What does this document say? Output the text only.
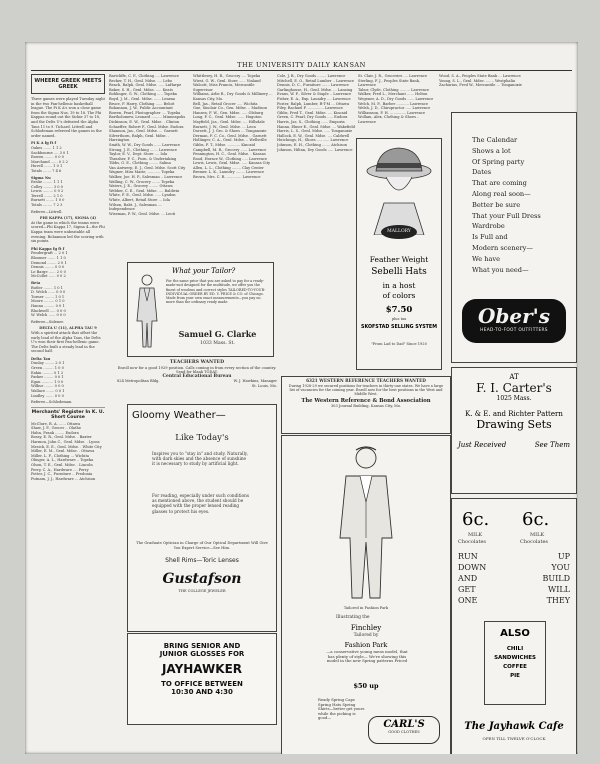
THE UNIVERSITY DAILY KANSAN
WHEERE GREEK MEETS GREEK
Three games were played Tuesday night in the two Pan-hellenic basketball league. The Pi K A's won a close game from the Sigma Nus, 19 to 18. The Phi Kappas round out the Sickie 37 to 18, and the Delts U's defeated the Alpha Taus 11 to 9. Tichard, Littrell and Schlodeman refereed the games in the order named.
Pi K A fg ft f
Oakes ....... 1 1 2
Sackbourne .... 3 0 1
Rowen ........ 0 0 0
Marchand ...... 0 2 2
Huvell ....... 1 0 1
Totals ....... 7 4 6
Sigma Nu
Reslie ........ 1 1 1
Colley ........ 3 0 0
Lewis ......... 0 0 2
Terrell ....... 2 1 0
Burnett ....... 1 0 0
Totals ........ 7 2 3
Referee—Littrell.
PHI KAPPA (17), SIGMA (4)
At the game in which the teams were scored—Phi Kappa 17, Sigma 4—the Phi Kappa team were unbeatable all evening. Bohannon led the scoring with six points.
Phi Kappa fg ft f
Pendergraft ... 2 0 1
Bloomer ....... 1 1 0
Demond ........ 2 0 1
Dennis ........ 0 0 0
Le Barge ...... 2 0 0
McCollet ...... 0 0 2
Beta
Butler ........ 1 0 1
D. Welch ...... 0 0 0
Turner ........ 1 0 1
Moore ......... 0 1 0
Hanna ......... 0 0 1
Blackwell ..... 0 0 0
W. Welch ...... 0 0 0
Referee—Sidener.
DELTA U (11), ALPHA TAU 9
With a spirited attack that offset the early lead of the Alpha Taus, the Delts U's won their first Pan-hellenic game. The Delts built a steady lead in the second half.
Delta Tau
Dunlay ........ 2 0 1
Green ......... 1 0 0
Eakin ......... 0 1 2
Parker ........ 0 0 1
Egan .......... 1 0 0
Wilbur ........ 0 0 0
Wallace ....... 0 0 1
Lindley ....... 0 0 0
Referee—Schlodeman.
Merchants' Register In K. U. Short Course
McClure, R. A. ...... Ottawa
Shaw, J. F., Grocer .. Olathe
Hahn, Frank ........ Eudora
Bossy, E. R., Genl. Mdse. . Baxter
Harmon, John C., Genl. Mdse. . Lyons
Mesick, E. E., Genl. Mdse. . White City
Miller, E. M., Genl. Mdse. . Ottawa
Miller, L. F., Clothing ... Wichita
Olinger, A. L., Hardware .. Topeka
Olson, T. E., Genl. Mdse. . Lincoln
Perry, C. A., Hardware .... Perry
Potter, J. C., Furniture .. Fredonia
Putnam, J. J., Hardware ... Atchison
Bartcliffe, C. F., Clothing .... Lawrence
Becker, T. H., Genl. Mdse. .... Lebo
Beach, Ralph, Genl. Mdse. ..... LaHarpe
Baker, S. H., Genl. Mdse. ..... Keats
Bohlinger, G. W., Clothing ..... Topeka
Boyd, J. M., Genl. Mdse. ...... Lenexa
Bruce, F. Harry, Clothing ...... Beloit
Bohannon, J. W., Public Accountant
Bowen, Pearl, Photographer .... Topeka
Bartholomew, Leonard ......... Minneapolis
Dickinson, E. W., Genl. Mdse. . Clinton
Schaeffer, Robert F., Genl. Mdse. Eudora
Shannon, Jas., Genl. Mdse. ... Garnett
Silverthorn, Ralph, Genl. Mdse. . Harrington
Smith, W. W., Dry Goods ...... Lawrence
Strong, J. E., Clothing ....... Lawrence
Taylor, E. V., Dept. Store .... Iola
Thrasher, F. C., Furn. & Undertaking
Tibbs, G. E., Clothing ........ Salina
Van Antwerp, E. J., Genl. Mdse. Scott City
Wagner, Miss Marie, ........... Topeka
Walker, Joe. H. P., Salesman .. Lawrence
Walling, C. W., Grocery ....... Topeka
Waters, J. E., Grocery ........ Ottawa
Webber, C. E., Genl. Mdse. .... Baldwin
White, F. E., Genl. Mdse. ..... Lyndon
White, Albert, Retail Store ... Iola
Wilson, Rabt. J., Salesman .... Independence
Wiseman, P. W., Genl. Mdse. ... Leoti
Whittlesey, H. R., Grocery .... Topeka
Wiest, G. W., Genl. Store ...... Vinland
Walcott, Miss Francis, Mercantile Supervisor
Williams, Arlie R., Dry Goods & Millinery ... Kansas City, Mo.
Bell, Jas., Retail Grocer ..... Wichita
Gue, Sinclair Co., Gen. Mdse. .. Madison
Hansen, F. W., Gen. Mdse. ..... Olsburg
Long, F. C., Genl. Mdse. ...... Hugoton
Mayfield, Jas., Genl. Mdse. .... Hillsdale
Burnett, J. W., Genl. Mdse. ... Leon
Dorsett, J. J. Gro. & Shoes ... Tonganoxie
Derman, F. C. Co., Genl. Mdse. . Garnett
Hollinger, C. A., Genl. Mdse. .. Wellsville
Gibbs, F. T., Mdse. ........... Kincaid
Campbell, M. R., Grocery ...... Lawrence
Pennington, H. C., Genl. Mdse. . Kansas
Rood, Horace W., Clothing ..... Lawrence
Lewis, Lewis, Genl. Mdse. ..... Kansas City
Allen, L. L., Clothing ........ Clay Center
Bremer, L. K., Laundry ........ Lawrence
Brown, Mrs. C. R. ............. Lawrence
Cole, J. B., Dry Goods ........ Lawrence
Mitchell, E. O., Retail Lumber .. Lawrence
Dennis, D. C., Furniture ....... Lawrence
Garlinghouse, H., Genl. Mdse. ... Lansing
Evans, W. F., Silver & Staple .. Lawrence
Fisher, E. A., Exp. Laundry .... Lawrence
Foster, Ralph, Lumber, R-T-M ... Ottawa
Filey, Rachael F. .............. Lawrence
Gibbs, Fred T., Genl. Mdse. .... Kincaid
Green, C. Pearl, Dry Goods ..... Eudora
Harris, Jas. S., Clothing ...... Emporia
Hanna, Elmer E., Genl. Mdse. ... Wakefield
Harris, L. S., Genl. Mdse. ..... Tonganoxie
Hallock, E. W., Genl. Mdse. .... Caldwell
Hutchings, H., Shoes ........... Lawrence
Johnson, E. H., Clothing ....... Atchison
Johnson, Hiltan, Dry Goods ..... Lawrence
St. Clair, J. R., Groceries .... Lawrence
Sterling, F. J., Peoples State Bank, Lawrence
Tabor, Clyde, Clothing ......... Lawrence
Walker, Fred L., Merchant ...... Holton
Wegener, A. D., Dry Goods ...... Lawrence
Welch, M. F., Barber ........... Lawrence
Welsh, J. D., Chiropractor ..... Lawrence
Williamson, F. H. .............. Lawrence
Wollam, Alex, Clothing & Shoes .. Lawrence
Wood, S. A., Peoples State Bank ... Lawrence
Young, S. L., Genl. Mdse. ....... Westphalia
Zacharias, Fred W., Mercantile ... Tonganoxie
What your Tailor?
For the same price that you are asked to pay for a ready-made-suit designed for the multitude, we offer you the finest of woolens and correct styles TAILORED-TO-YOUR-INDIVIDUAL-ORDER BY ED. V. PRICE & CO. of Chicago. Made from your own exact measurements—you pay no more than the ordinary ready made.
Samuel G. Clarke
1033 Mass. St.
TEACHERS WANTED
Enroll now for a good 1929 position. Calls coming in from every section of the country. Send for blank TODAY.
Central Educational Bureau
824 Metropolitan Bldg.	W. J. Hawkins, Manager
St. Louis, Mo.
Gloomy Weather—
Like Today's
Inspires you to "stay in" and study. Naturally, with dark skies and the absence of sunshine it is necessary to study by artificial light.
For reading, especially under such conditions as mentioned above, the student should be equipped with the proper lensed reading glasses to protect his eyes.
The Graduate Optician in Charge of Our Optical Department Will Give You Expert Service—See Him.
Shell Rims—Toric Lenses
Gustafson
THE COLLEGE JEWELER
BRING SENIOR AND
JUNIOR GLOSSES FOR
JAYHAWKER
TO OFFICE BETWEEN
10:30 AND 4:30
MALLORY
Feather Weight
Sebelli Hats
in a host
of colors
$7.50
plus tax
SKOFSTAD SELLING SYSTEM
"From Lad to Dad" Since 1920
The Calendar
Shows a lot
Of Spring party
Dates
That are coming
Along real soon—
Better be sure
That your Full Dress
Wardrobe
Is Full and
Modern scenery—
We have
What you need—
Ober's
HEAD-TO-FOOT OUTFITTERS
6321 WESTERN REFERENCE TEACHERS WANTED
During 1928-29 we secured positions for teachers in thirty-one states. We have a large list of vacancies for the coming year. Enroll now for the best positions in the West and Middle West.
The Western Reference & Bond Association
303 Journal Building, Kansas City, Mo.
Tailored in Fashion Park
Illustrating the
Finchley
Tailored by
Fashion Park
—a conservative young mens model, that has plenty of style— We're showing this model in the new Spring patterns Priced
$50 up
Ready Spring Caps Spring Hats Spring Shirts—better get yours while the picking is good—
CARL'S
GOOD CLOTHES
AT
F. I. Carter's
1025 Mass.
K. & E. and Richter Pattern
Drawing Sets
Just Received	See Them
6c. 6c.
MILK	MILK
Chocolates	Chocolates
RUN
DOWN
AND
GET
ONE
UP
YOU
BUILD
WILL
THEY
ALSO
CHILI
SANDWICHES
COFFEE
PIE
The Jayhawk Cafe
OPEN TILL TWELVE O'CLOCK
